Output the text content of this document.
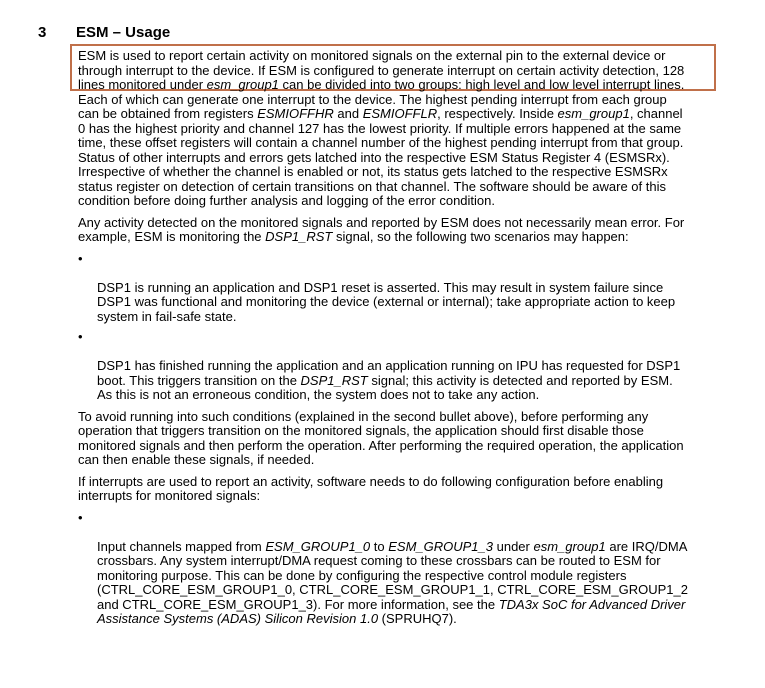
3 ESM – Usage

ESM is used to report certain activity on monitored signals on the external pin to the external device or
through interrupt to the device. If ESM is configured to generate interrupt on certain activity detection, 128
lines monitored under esm_group1 can be divided into two groups: high level and low level interrupt lines.
Each of which can generate one interrupt to the device. The highest pending interrupt from each group
can be obtained from registers ESMIOFFHR and ESMIOFFLR, respectively. Inside esm_group1, channel
0 has the highest priority and channel 127 has the lowest priority. If multiple errors happened at the same
time, these offset registers will contain a channel number of the highest pending interrupt from that group.
Status of other interrupts and errors gets latched into the respective ESM Status Register 4 (ESMSRx).
Irrespective of whether the channel is enabled or not, its status gets latched to the respective ESMSRx
status register on detection of certain transitions on that channel. The software should be aware of this
condition before doing further analysis and logging of the error condition.

Any activity detected on the monitored signals and reported by ESM does not necessarily mean error. For
example, ESM is monitoring the DSP1_RST signal, so the following two scenarios may happen:

•

DSP1 is running an application and DSP1 reset is asserted. This may result in system failure since
DSP1 was functional and monitoring the device (external or internal); take appropriate action to keep
system in fail-safe state.

•

DSP1 has finished running the application and an application running on IPU has requested for DSP1
boot. This triggers transition on the DSP1_RST signal; this activity is detected and reported by ESM.
As this is not an erroneous condition, the system does not to take any action.

To avoid running into such conditions (explained in the second bullet above), before performing any
operation that triggers transition on the monitored signals, the application should first disable those
monitored signals and then perform the operation. After performing the required operation, the application
can then enable these signals, if needed.

If interrupts are used to report an activity, software needs to do following configuration before enabling
interrupts for monitored signals:

•

Input channels mapped from ESM_GROUP1_0 to ESM_GROUP1_3 under esm_group1 are IRQ/DMA
crossbars. Any system interrupt/DMA request coming to these crossbars can be routed to ESM for
monitoring purpose. This can be done by configuring the respective control module registers
(CTRL_CORE_ESM_GROUP1_0, CTRL_CORE_ESM_GROUP1_1, CTRL_CORE_ESM_GROUP1_2
and CTRL_CORE_ESM_GROUP1_3). For more information, see the TDA3x SoC for Advanced Driver
Assistance Systems (ADAS) Silicon Revision 1.0 (SPRUHQ7).
